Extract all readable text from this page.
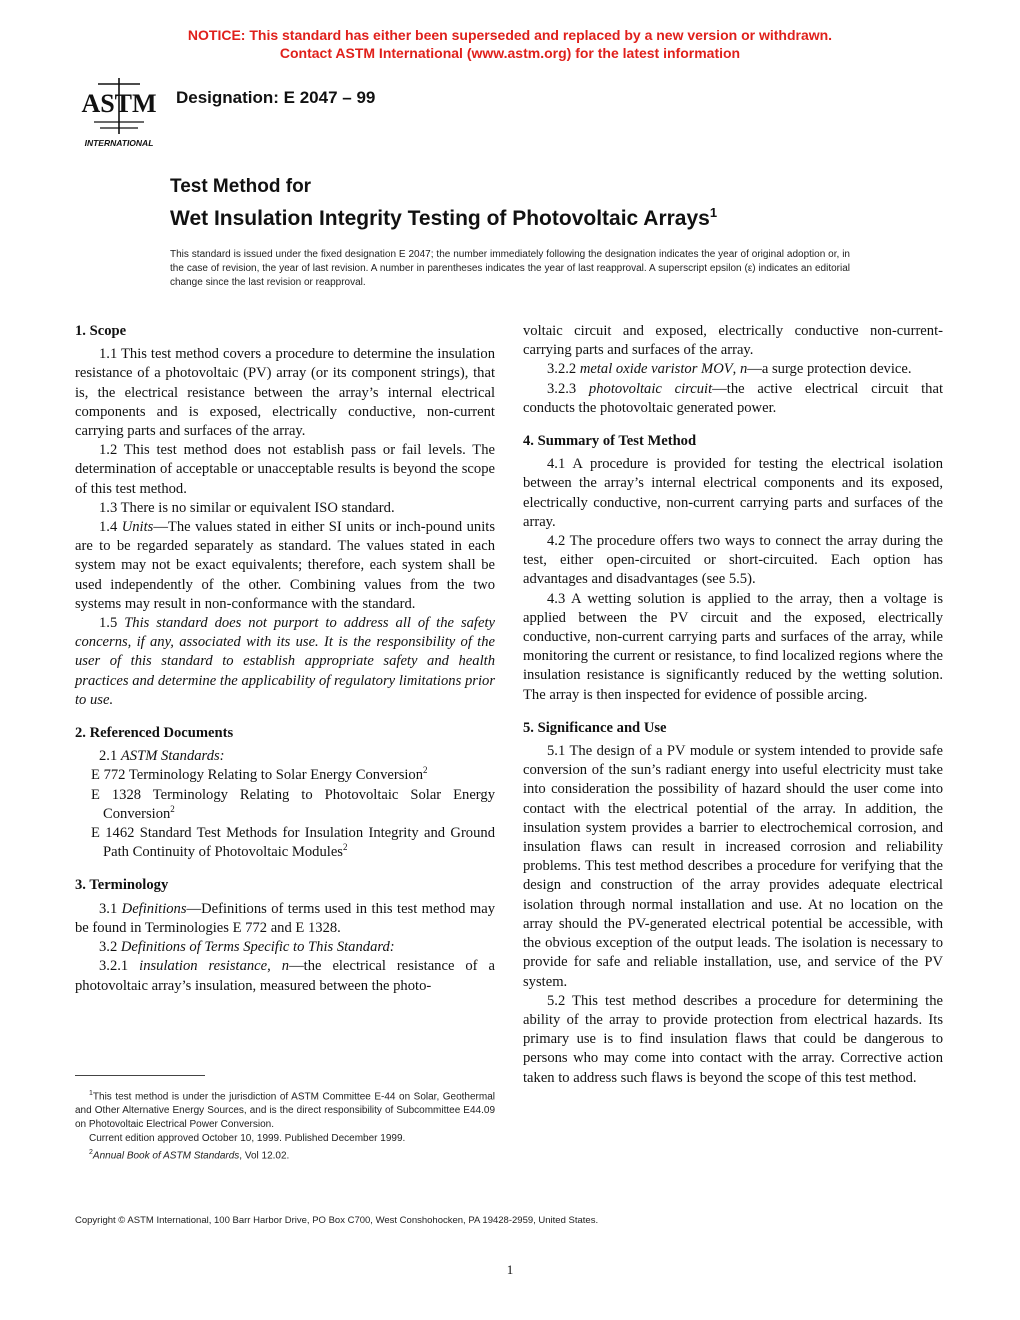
NOTICE: This standard has either been superseded and replaced by a new version or withdrawn.
Contact ASTM International (www.astm.org) for the latest information
ASTM
INTERNATIONAL
Designation: E 2047 – 99
Test Method for
Wet Insulation Integrity Testing of Photovoltaic Arrays$^1$
This standard is issued under the fixed designation E 2047; the number immediately following the designation indicates the year of original adoption or, in the case of revision, the year of last revision. A number in parentheses indicates the year of last reapproval. A superscript epsilon (ε) indicates an editorial change since the last revision or reapproval.
1. Scope

1.1 This test method covers a procedure to determine the insulation resistance of a photovoltaic (PV) array (or its component strings), that is, the electrical resistance between the array’s internal electrical components and is exposed, electrically conductive, non-current carrying parts and surfaces of the array.

1.2 This test method does not establish pass or fail levels. The determination of acceptable or unacceptable results is beyond the scope of this test method.

1.3 There is no similar or equivalent ISO standard.

1.4 Units—The values stated in either SI units or inch-pound units are to be regarded separately as standard. The values stated in each system may not be exact equivalents; therefore, each system shall be used independently of the other. Combining values from the two systems may result in non-conformance with the standard.

1.5 This standard does not purport to address all of the safety concerns, if any, associated with its use. It is the responsibility of the user of this standard to establish appropriate safety and health practices and determine the applicability of regulatory limitations prior to use.

2. Referenced Documents

2.1 ASTM Standards:

E 772 Terminology Relating to Solar Energy Conversion$^2$

E 1328 Terminology Relating to Photovoltaic Solar Energy Conversion$^2$

E 1462 Standard Test Methods for Insulation Integrity and Ground Path Continuity of Photovoltaic Modules$^2$

3. Terminology

3.1 Definitions—Definitions of terms used in this test method may be found in Terminologies E 772 and E 1328.

3.2 Definitions of Terms Specific to This Standard:

3.2.1 insulation resistance, n—the electrical resistance of a photovoltaic array’s insulation, measured between the photo-

voltaic circuit and exposed, electrically conductive non-current-carrying parts and surfaces of the array.

3.2.2 metal oxide varistor MOV, n—a surge protection device.

3.2.3 photovoltaic circuit—the active electrical circuit that conducts the photovoltaic generated power.

4. Summary of Test Method

4.1 A procedure is provided for testing the electrical isolation between the array’s internal electrical components and its exposed, electrically conductive, non-current carrying parts and surfaces of the array.

4.2 The procedure offers two ways to connect the array during the test, either open-circuited or short-circuited. Each option has advantages and disadvantages (see 5.5).

4.3 A wetting solution is applied to the array, then a voltage is applied between the PV circuit and the exposed, electrically conductive, non-current carrying parts and surfaces of the array, while monitoring the current or resistance, to find localized regions where the insulation resistance is significantly reduced by the wetting solution. The array is then inspected for evidence of possible arcing.

5. Significance and Use

5.1 The design of a PV module or system intended to provide safe conversion of the sun’s radiant energy into useful electricity must take into consideration the possibility of hazard should the user come into contact with the electrical potential of the array. In addition, the insulation system provides a barrier to electrochemical corrosion, and insulation flaws can result in increased corrosion and reliability problems. This test method describes a procedure for verifying that the design and construction of the array provides adequate electrical isolation through normal installation and use. At no location on the array should the PV-generated electrical potential be accessible, with the obvious exception of the output leads. The isolation is necessary to provide for safe and reliable installation, use, and service of the PV system.

5.2 This test method describes a procedure for determining the ability of the array to provide protection from electrical hazards. Its primary use is to find insulation flaws that could be dangerous to persons who may come into contact with the array. Corrective action taken to address such flaws is beyond the scope of this test method.

$^1$This test method is under the jurisdiction of ASTM Committee E-44 on Solar, Geothermal and Other Alternative Energy Sources, and is the direct responsibility of Subcommittee E44.09 on Photovoltaic Electrical Power Conversion.

Current edition approved October 10, 1999. Published December 1999.

$^2$Annual Book of ASTM Standards, Vol 12.02.

Copyright © ASTM International, 100 Barr Harbor Drive, PO Box C700, West Conshohocken, PA 19428-2959, United States.
1
